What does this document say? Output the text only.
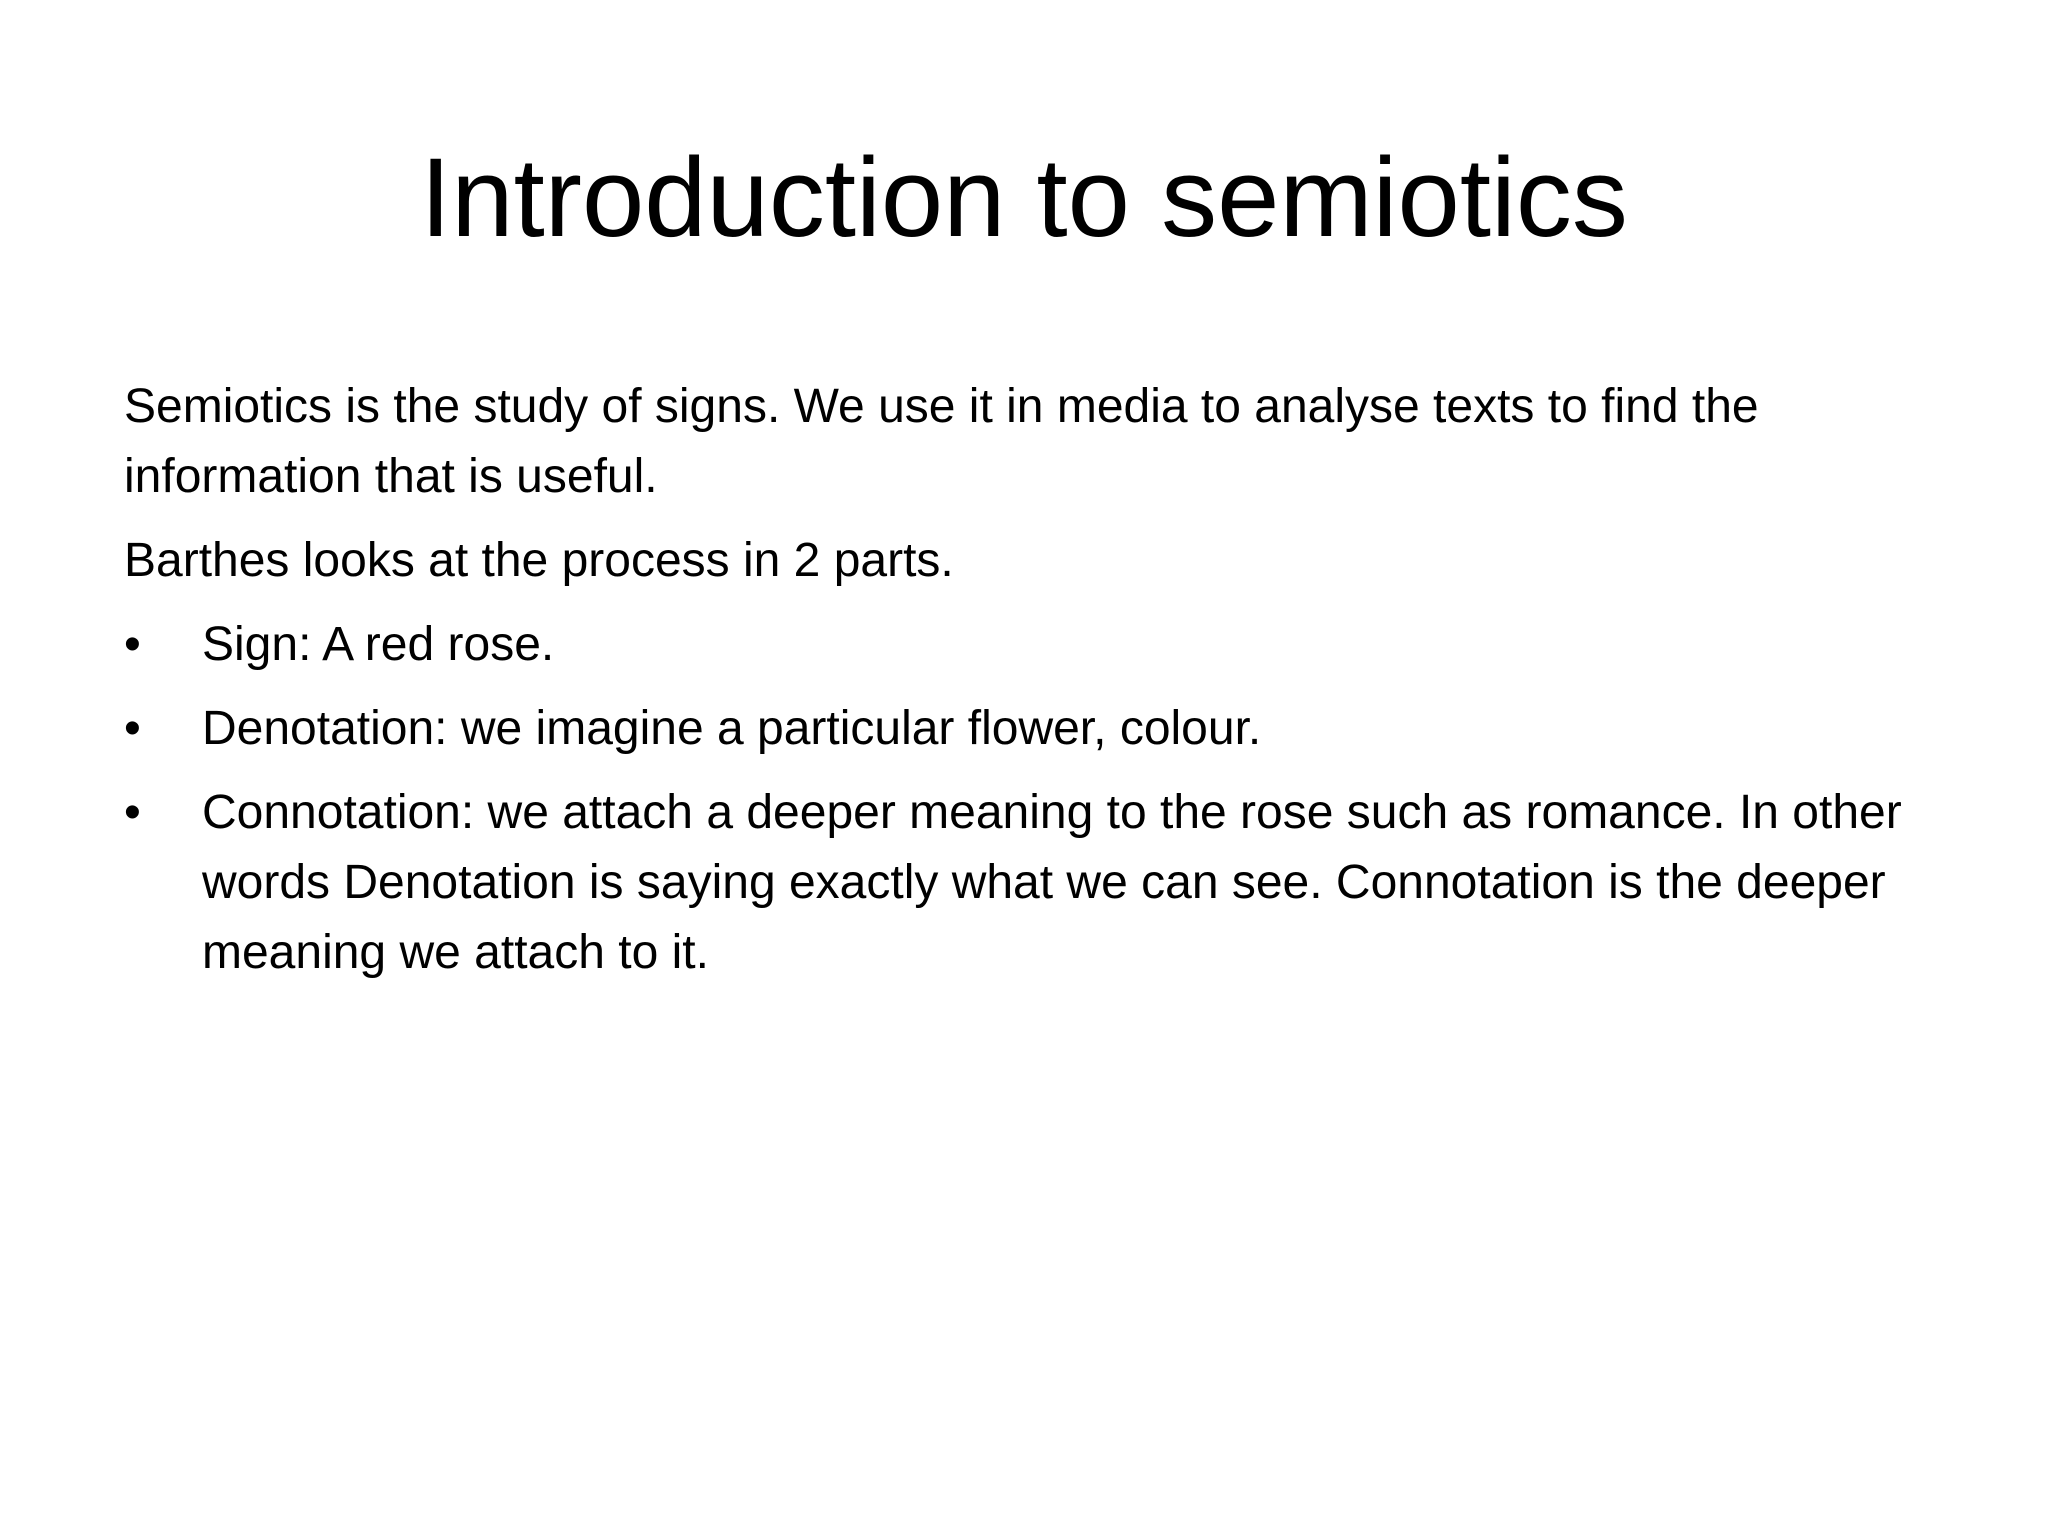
Introduction to semiotics

Semiotics is the study of signs. We use it in media to analyse texts to find the information that is useful.

Barthes looks at the process in 2 parts.

• Sign: A red rose.
• Denotation: we imagine a particular flower, colour.
• Connotation: we attach a deeper meaning to the rose such as romance. In other words Denotation is saying exactly what we can see. Connotation is the deeper meaning we attach to it.
